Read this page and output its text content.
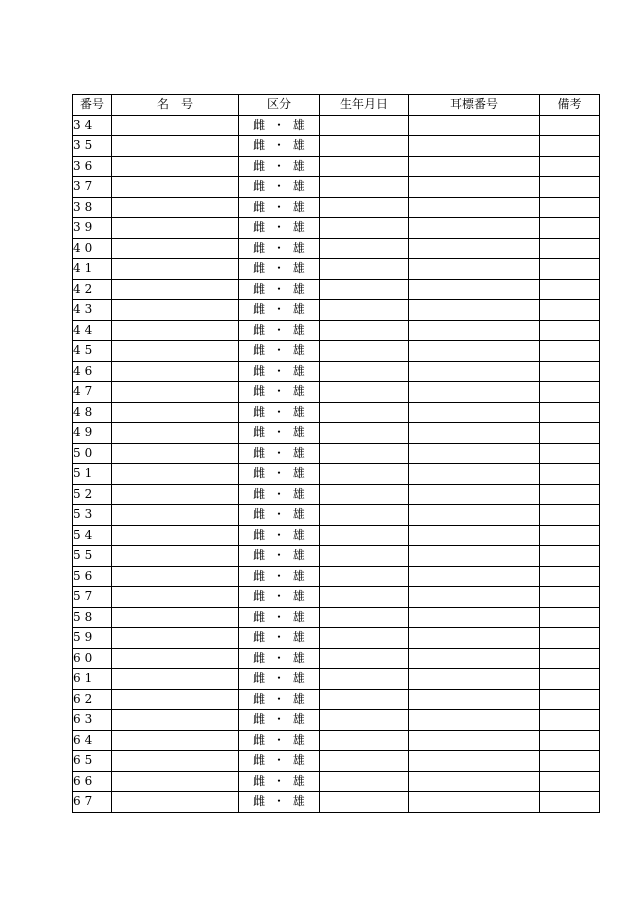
番号	名　号	区分	生年月日	耳標番号	備考
34		雌 ・ 雄			
35		雌 ・ 雄			
36		雌 ・ 雄			
37		雌 ・ 雄			
38		雌 ・ 雄			
39		雌 ・ 雄			
40		雌 ・ 雄			
41		雌 ・ 雄			
42		雌 ・ 雄			
43		雌 ・ 雄			
44		雌 ・ 雄			
45		雌 ・ 雄			
46		雌 ・ 雄			
47		雌 ・ 雄			
48		雌 ・ 雄			
49		雌 ・ 雄			
50		雌 ・ 雄			
51		雌 ・ 雄			
52		雌 ・ 雄			
53		雌 ・ 雄			
54		雌 ・ 雄			
55		雌 ・ 雄			
56		雌 ・ 雄			
57		雌 ・ 雄			
58		雌 ・ 雄			
59		雌 ・ 雄			
60		雌 ・ 雄			
61		雌 ・ 雄			
62		雌 ・ 雄			
63		雌 ・ 雄			
64		雌 ・ 雄			
65		雌 ・ 雄			
66		雌 ・ 雄			
67		雌 ・ 雄			
